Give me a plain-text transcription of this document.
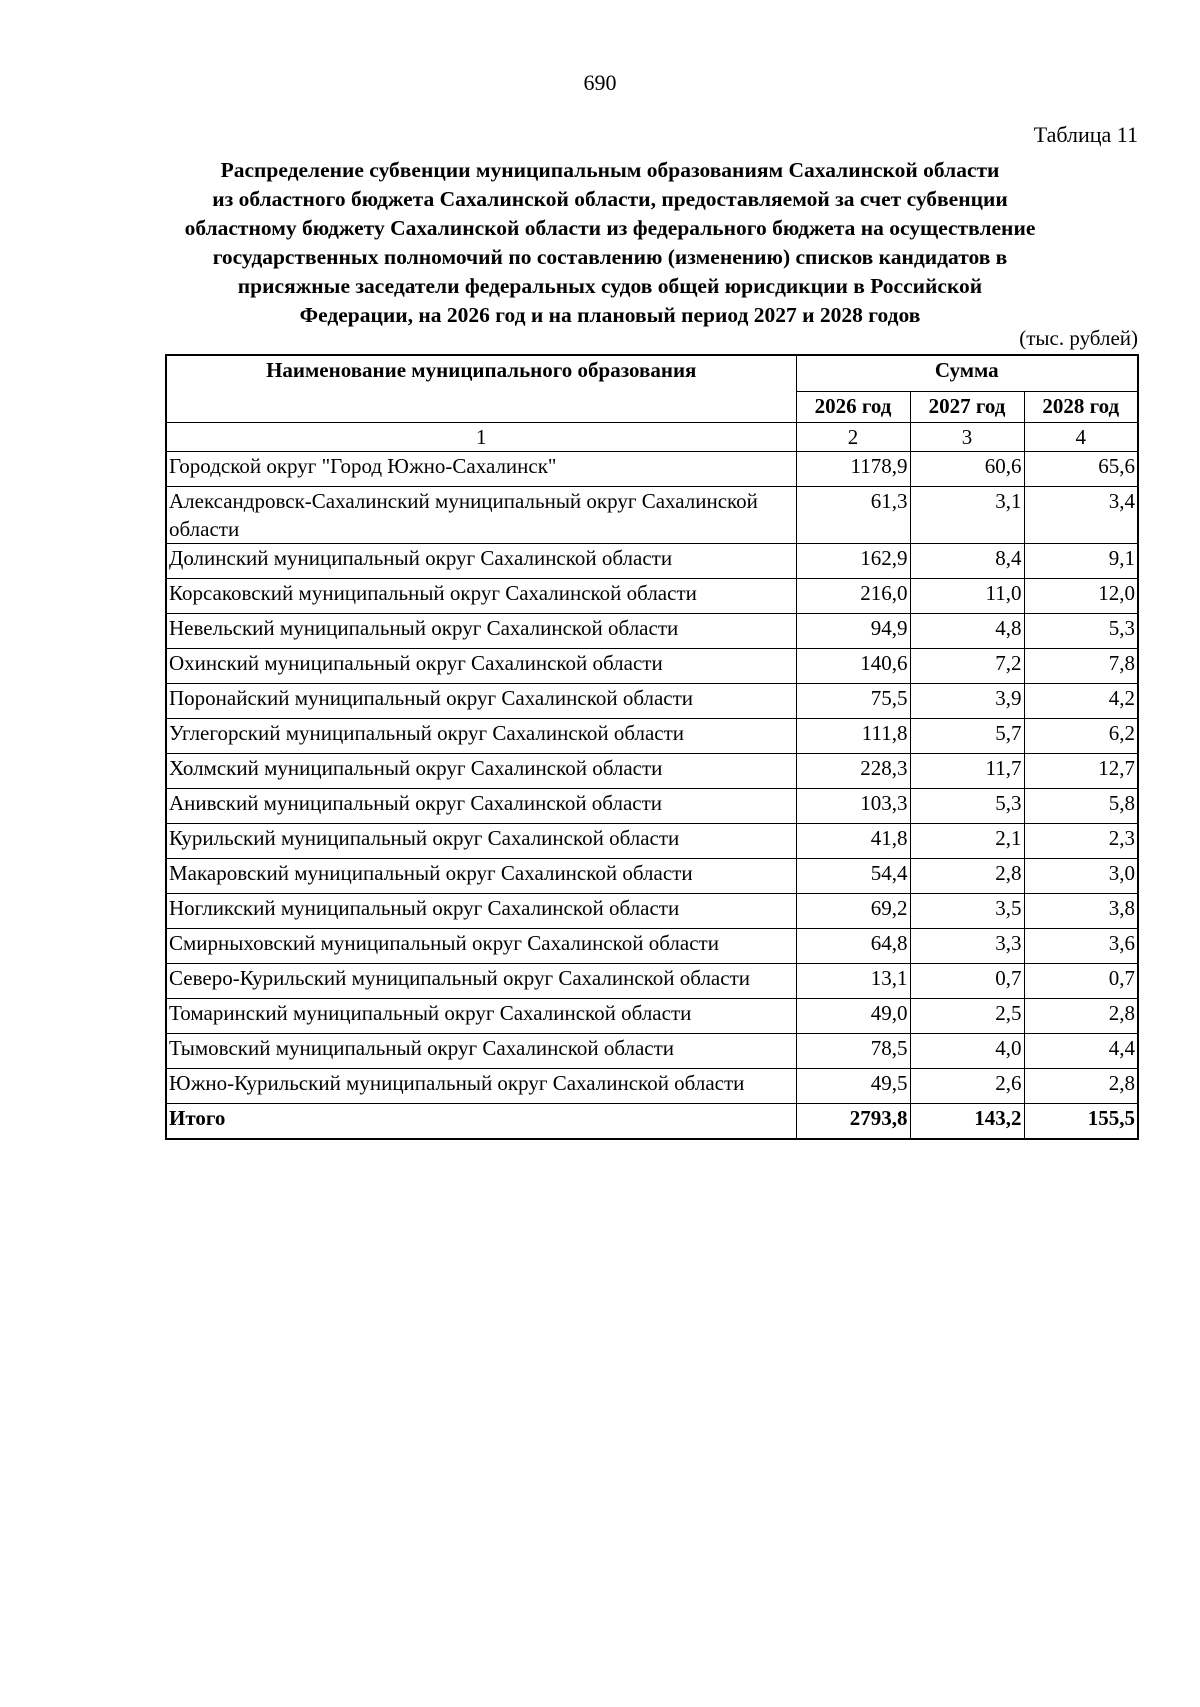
690
Таблица 11
Распределение субвенции муниципальным образованиям Сахалинской области
из областного бюджета Сахалинской области, предоставляемой за счет субвенции
областному бюджету Сахалинской области из федерального бюджета на осуществление
государственных полномочий по составлению (изменению) списков кандидатов в
присяжные заседатели федеральных судов общей юрисдикции в Российской
Федерации, на 2026 год и на плановый период 2027 и 2028 годов
(тыс. рублей)
Наименование муниципального образования	Сумма		
	2026 год	2027 год	2028 год
1	2	3	4
Городской округ "Город Южно-Сахалинск"	1178,9	60,6	65,6
Александровск-Сахалинский муниципальный округ Сахалинской области	61,3	3,1	3,4
Долинский муниципальный округ Сахалинской области	162,9	8,4	9,1
Корсаковский муниципальный округ Сахалинской области	216,0	11,0	12,0
Невельский муниципальный округ Сахалинской области	94,9	4,8	5,3
Охинский муниципальный округ Сахалинской области	140,6	7,2	7,8
Поронайский муниципальный округ Сахалинской области	75,5	3,9	4,2
Углегорский муниципальный округ Сахалинской области	111,8	5,7	6,2
Холмский муниципальный округ Сахалинской области	228,3	11,7	12,7
Анивский муниципальный округ Сахалинской области	103,3	5,3	5,8
Курильский муниципальный округ Сахалинской области	41,8	2,1	2,3
Макаровский муниципальный округ Сахалинской области	54,4	2,8	3,0
Ногликский муниципальный округ Сахалинской области	69,2	3,5	3,8
Смирныховский муниципальный округ Сахалинской области	64,8	3,3	3,6
Северо-Курильский муниципальный округ Сахалинской области	13,1	0,7	0,7
Томаринский муниципальный округ Сахалинской области	49,0	2,5	2,8
Тымовский муниципальный округ Сахалинской области	78,5	4,0	4,4
Южно-Курильский муниципальный округ Сахалинской области	49,5	2,6	2,8
Итого	2793,8	143,2	155,5
